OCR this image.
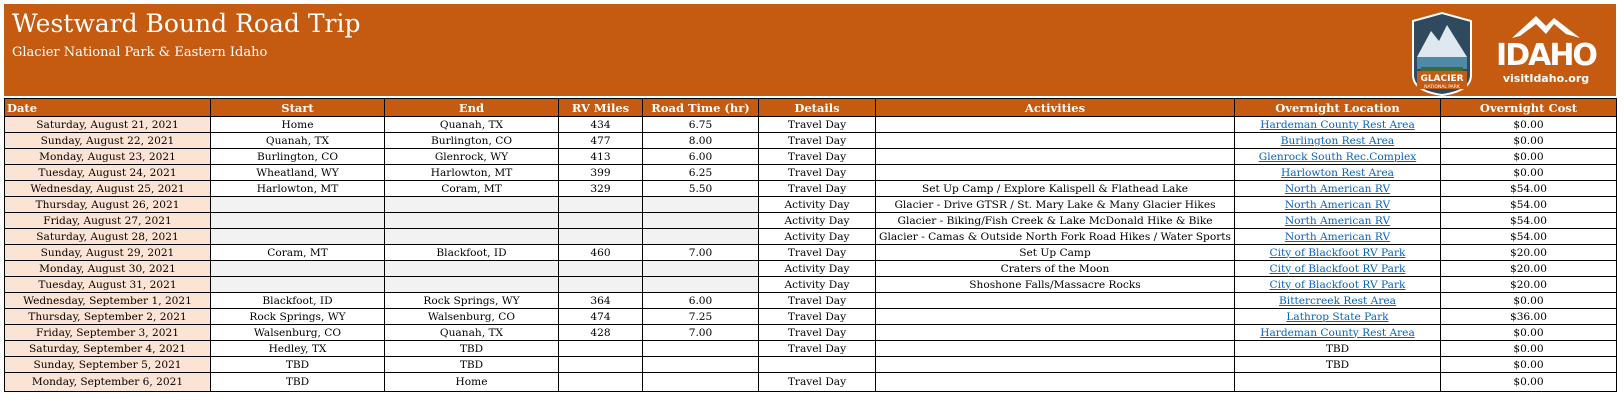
Westward Bound Road Trip
Glacier National Park & Eastern Idaho
GLACIER
NATIONAL PARK
IDAHO
visitIdaho.org
Date	Start	End	RV Miles	Road Time (hr)	Details	Activities	Overnight Location	Overnight Cost
Saturday, August 21, 2021	Home	Quanah, TX	434	6.75	Travel Day		Hardeman County Rest Area	$0.00
Sunday, August 22, 2021	Quanah, TX	Burlington, CO	477	8.00	Travel Day		Burlington Rest Area	$0.00
Monday, August 23, 2021	Burlington, CO	Glenrock, WY	413	6.00	Travel Day		Glenrock South Rec.Complex	$0.00
Tuesday, August 24, 2021	Wheatland, WY	Harlowton, MT	399	6.25	Travel Day		Harlowton Rest Area	$0.00
Wednesday, August 25, 2021	Harlowton, MT	Coram, MT	329	5.50	Travel Day	Set Up Camp / Explore Kalispell & Flathead Lake	North American RV	$54.00
Thursday, August 26, 2021					Activity Day	Glacier - Drive GTSR / St. Mary Lake & Many Glacier Hikes	North American RV	$54.00
Friday, August 27, 2021					Activity Day	Glacier - Biking/Fish Creek & Lake McDonald Hike & Bike	North American RV	$54.00
Saturday, August 28, 2021					Activity Day	Glacier - Camas & Outside North Fork Road Hikes / Water Sports	North American RV	$54.00
Sunday, August 29, 2021	Coram, MT	Blackfoot, ID	460	7.00	Travel Day	Set Up Camp	City of Blackfoot RV Park	$20.00
Monday, August 30, 2021					Activity Day	Craters of the Moon	City of Blackfoot RV Park	$20.00
Tuesday, August 31, 2021					Activity Day	Shoshone Falls/Massacre Rocks	City of Blackfoot RV Park	$20.00
Wednesday, September 1, 2021	Blackfoot, ID	Rock Springs, WY	364	6.00	Travel Day		Bittercreek Rest Area	$0.00
Thursday, September 2, 2021	Rock Springs, WY	Walsenburg, CO	474	7.25	Travel Day		Lathrop State Park	$36.00
Friday, September 3, 2021	Walsenburg, CO	Quanah, TX	428	7.00	Travel Day		Hardeman County Rest Area	$0.00
Saturday, September 4, 2021	Hedley, TX	TBD			Travel Day		TBD	$0.00
Sunday, September 5, 2021	TBD	TBD					TBD	$0.00
Monday, September 6, 2021	TBD	Home			Travel Day			$0.00
